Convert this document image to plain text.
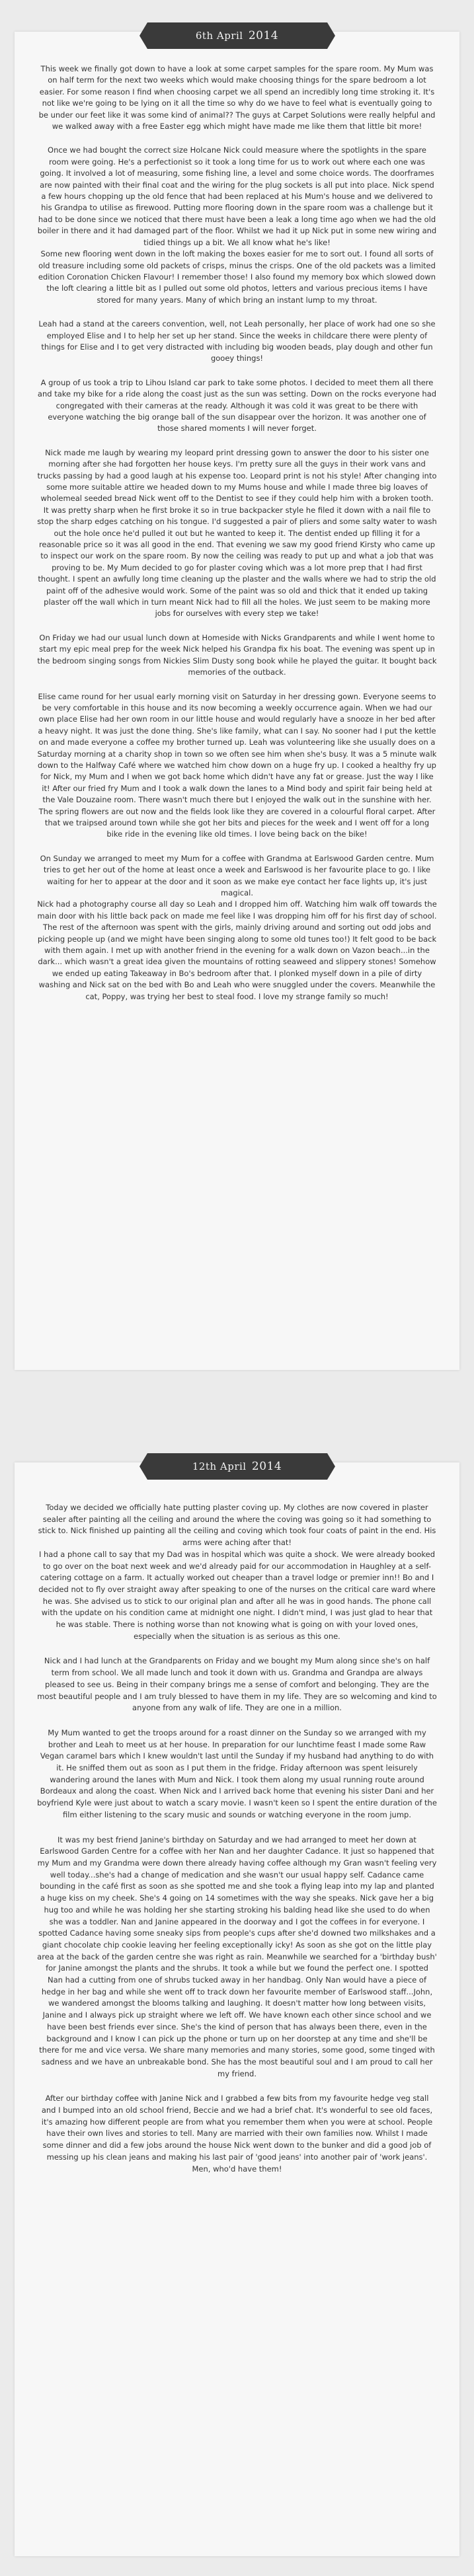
6th April 2014

This week we finally got down to have a look at some carpet samples for the spare room. My Mum was on half term for the next two weeks which would make choosing things for the spare bedroom a lot easier. For some reason I find when choosing carpet we all spend an incredibly long time stroking it. It's not like we're going to be lying on it all the time so why do we have to feel what is eventually going to be under our feet like it was some kind of animal?? The guys at Carpet Solutions were really helpful and we walked away with a free Easter egg which might have made me like them that little bit more!

Once we had bought the correct size Holcane Nick could measure where the spotlights in the spare room were going. He's a perfectionist so it took a long time for us to work out where each one was going. It involved a lot of measuring, some fishing line, a level and some choice words. The doorframes are now painted with their final coat and the wiring for the plug sockets is all put into place. Nick spend a few hours chopping up the old fence that had been replaced at his Mum's house and we delivered to his Grandpa to utilise as firewood. Putting more flooring down in the spare room was a challenge but it had to be done since we noticed that there must have been a leak a long time ago when we had the old boiler in there and it had damaged part of the floor. Whilst we had it up Nick put in some new wiring and tidied things up a bit. We all know what he's like!
Some new flooring went down in the loft making the boxes easier for me to sort out. I found all sorts of old treasure including some old packets of crisps, minus the crisps. One of the old packets was a limited edition Coronation Chicken Flavour! I remember those! I also found my memory box which slowed down the loft clearing a little bit as I pulled out some old photos, letters and various precious items I have stored for many years. Many of which bring an instant lump to my throat.

Leah had a stand at the careers convention, well, not Leah personally, her place of work had one so she employed Elise and I to help her set up her stand. Since the weeks in childcare there were plenty of things for Elise and I to get very distracted with including big wooden beads, play dough and other fun gooey things!

A group of us took a trip to Lihou Island car park to take some photos. I decided to meet them all there and take my bike for a ride along the coast just as the sun was setting. Down on the rocks everyone had congregated with their cameras at the ready. Although it was cold it was great to be there with everyone watching the big orange ball of the sun disappear over the horizon. It was another one of those shared moments I will never forget.

Nick made me laugh by wearing my leopard print dressing gown to answer the door to his sister one morning after she had forgotten her house keys. I'm pretty sure all the guys in their work vans and trucks passing by had a good laugh at his expense too. Leopard print is not his style! After changing into some more suitable attire we headed down to my Mums house and while I made three big loaves of wholemeal seeded bread Nick went off to the Dentist to see if they could help him with a broken tooth. It was pretty sharp when he first broke it so in true backpacker style he filed it down with a nail file to stop the sharp edges catching on his tongue. I'd suggested a pair of pliers and some salty water to wash out the hole once he'd pulled it out but he wanted to keep it. The dentist ended up filling it for a reasonable price so it was all good in the end. That evening we saw my good friend Kirsty who came up to inspect our work on the spare room. By now the ceiling was ready to put up and what a job that was proving to be. My Mum decided to go for plaster coving which was a lot more prep that I had first thought. I spent an awfully long time cleaning up the plaster and the walls where we had to strip the old paint off of the adhesive would work. Some of the paint was so old and thick that it ended up taking plaster off the wall which in turn meant Nick had to fill all the holes. We just seem to be making more jobs for ourselves with every step we take!

On Friday we had our usual lunch down at Homeside with Nicks Grandparents and while I went home to start my epic meal prep for the week Nick helped his Grandpa fix his boat. The evening was spent up in the bedroom singing songs from Nickies Slim Dusty song book while he played the guitar. It bought back memories of the outback.

Elise came round for her usual early morning visit on Saturday in her dressing gown. Everyone seems to be very comfortable in this house and its now becoming a weekly occurrence again. When we had our own place Elise had her own room in our little house and would regularly have a snooze in her bed after a heavy night. It was just the done thing. She's like family, what can I say. No sooner had I put the kettle on and made everyone a coffee my brother turned up. Leah was volunteering like she usually does on a Saturday morning at a charity shop in town so we often see him when she's busy. It was a 5 minute walk down to the Halfway Café where we watched him chow down on a huge fry up. I cooked a healthy fry up for Nick, my Mum and I when we got back home which didn't have any fat or grease. Just the way I like it! After our fried fry Mum and I took a walk down the lanes to a Mind body and spirit fair being held at the Vale Douzaine room. There wasn't much there but I enjoyed the walk out in the sunshine with her. The spring flowers are out now and the fields look like they are covered in a colourful floral carpet. After that we traipsed around town while she got her bits and pieces for the week and I went off for a long bike ride in the evening like old times. I love being back on the bike!

On Sunday we arranged to meet my Mum for a coffee with Grandma at Earlswood Garden centre. Mum tries to get her out of the home at least once a week and Earlswood is her favourite place to go. I like waiting for her to appear at the door and it soon as we make eye contact her face lights up, it's just magical.
Nick had a photography course all day so Leah and I dropped him off. Watching him walk off towards the main door with his little back pack on made me feel like I was dropping him off for his first day of school. The rest of the afternoon was spent with the girls, mainly driving around and sorting out odd jobs and picking people up (and we might have been singing along to some old tunes too!) It felt good to be back with them again. I met up with another friend in the evening for a walk down on Vazon beach...in the dark... which wasn't a great idea given the mountains of rotting seaweed and slippery stones! Somehow we ended up eating Takeaway in Bo's bedroom after that. I plonked myself down in a pile of dirty washing and Nick sat on the bed with Bo and Leah who were snuggled under the covers. Meanwhile the cat, Poppy, was trying her best to steal food. I love my strange family so much!

12th April 2014

Today we decided we officially hate putting plaster coving up. My clothes are now covered in plaster sealer after painting all the ceiling and around the where the coving was going so it had something to stick to. Nick finished up painting all the ceiling and coving which took four coats of paint in the end. His arms were aching after that!
I had a phone call to say that my Dad was in hospital which was quite a shock. We were already booked to go over on the boat next week and we'd already paid for our accommodation in Haughley at a self-catering cottage on a farm. It actually worked out cheaper than a travel lodge or premier inn!! Bo and I decided not to fly over straight away after speaking to one of the nurses on the critical care ward where he was. She advised us to stick to our original plan and after all he was in good hands. The phone call with the update on his condition came at midnight one night. I didn't mind, I was just glad to hear that he was stable. There is nothing worse than not knowing what is going on with your loved ones, especially when the situation is as serious as this one.

Nick and I had lunch at the Grandparents on Friday and we bought my Mum along since she's on half term from school. We all made lunch and took it down with us. Grandma and Grandpa are always pleased to see us. Being in their company brings me a sense of comfort and belonging. They are the most beautiful people and I am truly blessed to have them in my life. They are so welcoming and kind to anyone from any walk of life. They are one in a million.

My Mum wanted to get the troops around for a roast dinner on the Sunday so we arranged with my brother and Leah to meet us at her house. In preparation for our lunchtime feast I made some Raw Vegan caramel bars which I knew wouldn't last until the Sunday if my husband had anything to do with it. He sniffed them out as soon as I put them in the fridge. Friday afternoon was spent leisurely wandering around the lanes with Mum and Nick. I took them along my usual running route around Bordeaux and along the coast. When Nick and I arrived back home that evening his sister Dani and her boyfriend Kyle were just about to watch a scary movie. I wasn't keen so I spent the entire duration of the film either listening to the scary music and sounds or watching everyone in the room jump.

It was my best friend Janine's birthday on Saturday and we had arranged to meet her down at Earlswood Garden Centre for a coffee with her Nan and her daughter Cadance. It just so happened that my Mum and my Grandma were down there already having coffee although my Gran wasn't feeling very well today...she's had a change of medication and she wasn't our usual happy self. Cadance came bounding in the café first as soon as she spotted me and she took a flying leap into my lap and planted a huge kiss on my cheek. She's 4 going on 14 sometimes with the way she speaks. Nick gave her a big hug too and while he was holding her she starting stroking his balding head like she used to do when she was a toddler. Nan and Janine appeared in the doorway and I got the coffees in for everyone. I spotted Cadance having some sneaky sips from people's cups after she'd downed two milkshakes and a giant chocolate chip cookie leaving her feeling exceptionally icky! As soon as she got on the little play area at the back of the garden centre she was right as rain. Meanwhile we searched for a 'birthday bush' for Janine amongst the plants and the shrubs. It took a while but we found the perfect one. I spotted Nan had a cutting from one of shrubs tucked away in her handbag. Only Nan would have a piece of hedge in her bag and while she went off to track down her favourite member of Earlswood staff...John, we wandered amongst the blooms talking and laughing. It doesn't matter how long between visits, Janine and I always pick up straight where we left off. We have known each other since school and we have been best friends ever since. She's the kind of person that has always been there, even in the background and I know I can pick up the phone or turn up on her doorstep at any time and she'll be there for me and vice versa. We share many memories and many stories, some good, some tinged with sadness and we have an unbreakable bond. She has the most beautiful soul and I am proud to call her my friend.

After our birthday coffee with Janine Nick and I grabbed a few bits from my favourite hedge veg stall and I bumped into an old school friend, Beccie and we had a brief chat. It's wonderful to see old faces, it's amazing how different people are from what you remember them when you were at school. People have their own lives and stories to tell. Many are married with their own families now. Whilst I made some dinner and did a few jobs around the house Nick went down to the bunker and did a good job of messing up his clean jeans and making his last pair of 'good jeans' into another pair of 'work jeans'. Men, who'd have them!
